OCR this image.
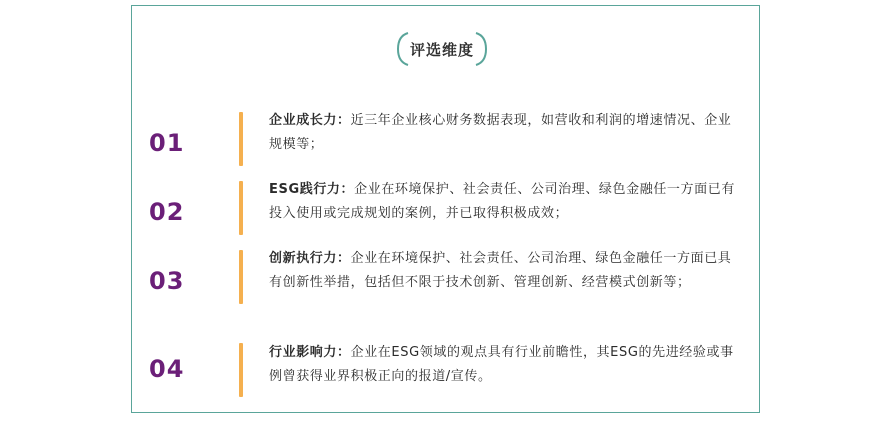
评选维度
01
企业成长力：近三年企业核心财务数据表现，如营收和利润的增速情况、企业规模等；
02
ESG践行力：企业在环境保护、社会责任、公司治理、绿色金融任一方面已有投入使用或完成规划的案例，并已取得积极成效；
03
创新执行力：企业在环境保护、社会责任、公司治理、绿色金融任一方面已具有创新性举措，包括但不限于技术创新、管理创新、经营模式创新等；
04
行业影响力：企业在ESG领域的观点具有行业前瞻性，其ESG的先进经验或事例曾获得业界积极正向的报道/宣传。
